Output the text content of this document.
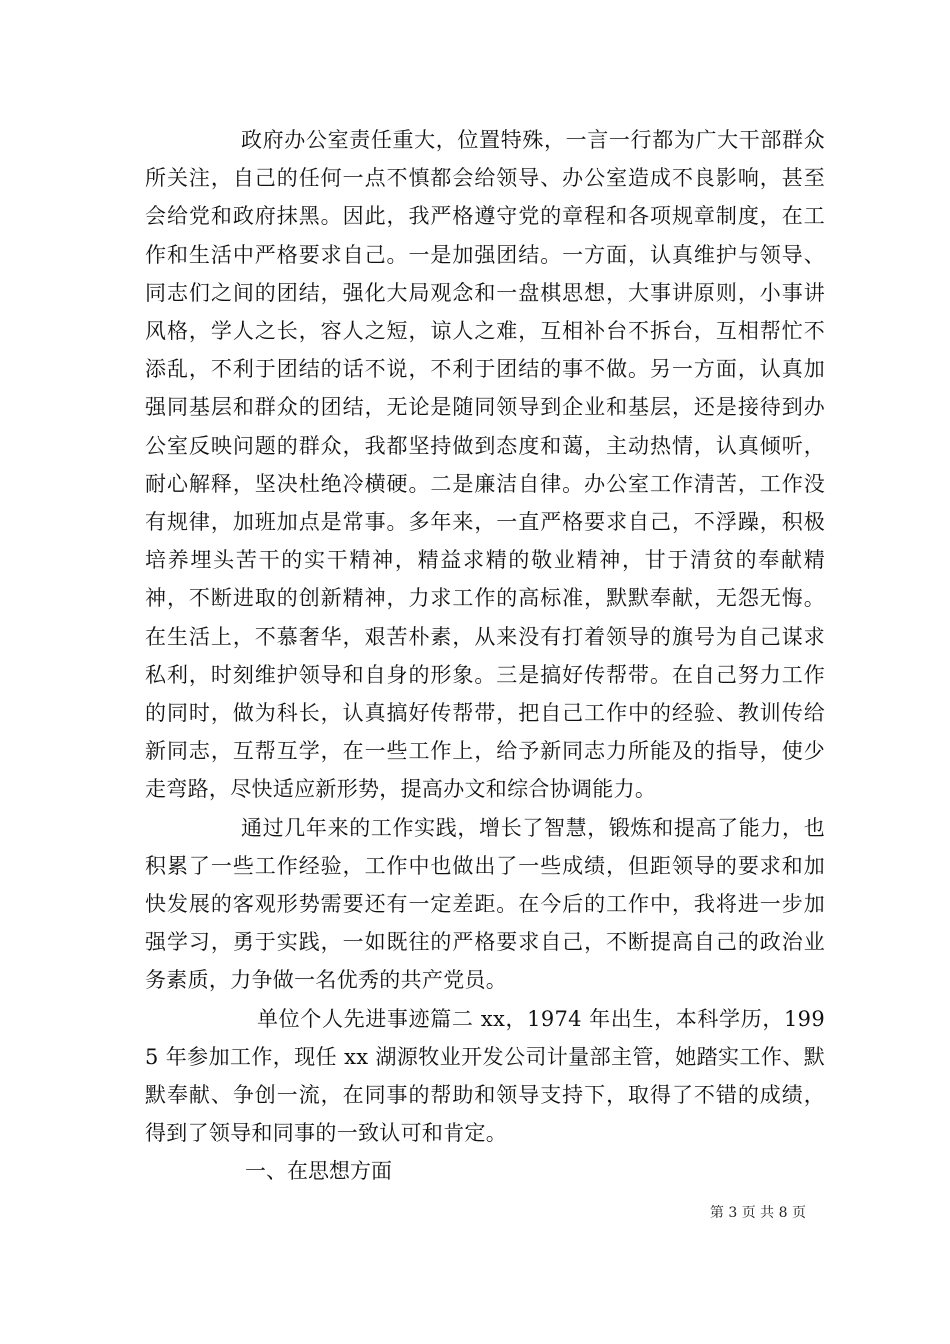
政府办公室责任重大，位置特殊，一言一行都为广大干部群众所关注，自己的任何一点不慎都会给领导、办公室造成不良影响，甚至会给党和政府抹黑。因此，我严格遵守党的章程和各项规章制度，在工作和生活中严格要求自己。一是加强团结。一方面，认真维护与领导、同志们之间的团结，强化大局观念和一盘棋思想，大事讲原则，小事讲风格，学人之长，容人之短，谅人之难，互相补台不拆台，互相帮忙不添乱，不利于团结的话不说，不利于团结的事不做。另一方面，认真加强同基层和群众的团结，无论是随同领导到企业和基层，还是接待到办公室反映问题的群众，我都坚持做到态度和蔼，主动热情，认真倾听，耐心解释，坚决杜绝冷横硬。二是廉洁自律。办公室工作清苦，工作没有规律，加班加点是常事。多年来，一直严格要求自己，不浮躁，积极培养埋头苦干的实干精神，精益求精的敬业精神，甘于清贫的奉献精神，不断进取的创新精神，力求工作的高标准，默默奉献，无怨无悔。在生活上，不慕奢华，艰苦朴素，从来没有打着领导的旗号为自己谋求私利，时刻维护领导和自身的形象。三是搞好传帮带。在自己努力工作的同时，做为科长，认真搞好传帮带，把自己工作中的经验、教训传给新同志，互帮互学，在一些工作上，给予新同志力所能及的指导，使少走弯路，尽快适应新形势，提高办文和综合协调能力。

通过几年来的工作实践，增长了智慧，锻炼和提高了能力，也积累了一些工作经验，工作中也做出了一些成绩，但距领导的要求和加快发展的客观形势需要还有一定差距。在今后的工作中，我将进一步加强学习，勇于实践，一如既往的严格要求自己，不断提高自己的政治业务素质，力争做一名优秀的共产党员。

单位个人先进事迹篇二 xx，1974 年出生，本科学历，1995 年参加工作，现任 xx 湖源牧业开发公司计量部主管，她踏实工作、默默奉献、争创一流，在同事的帮助和领导支持下，取得了不错的成绩，得到了领导和同事的一致认可和肯定。

一、在思想方面

第 3 页 共 8 页
